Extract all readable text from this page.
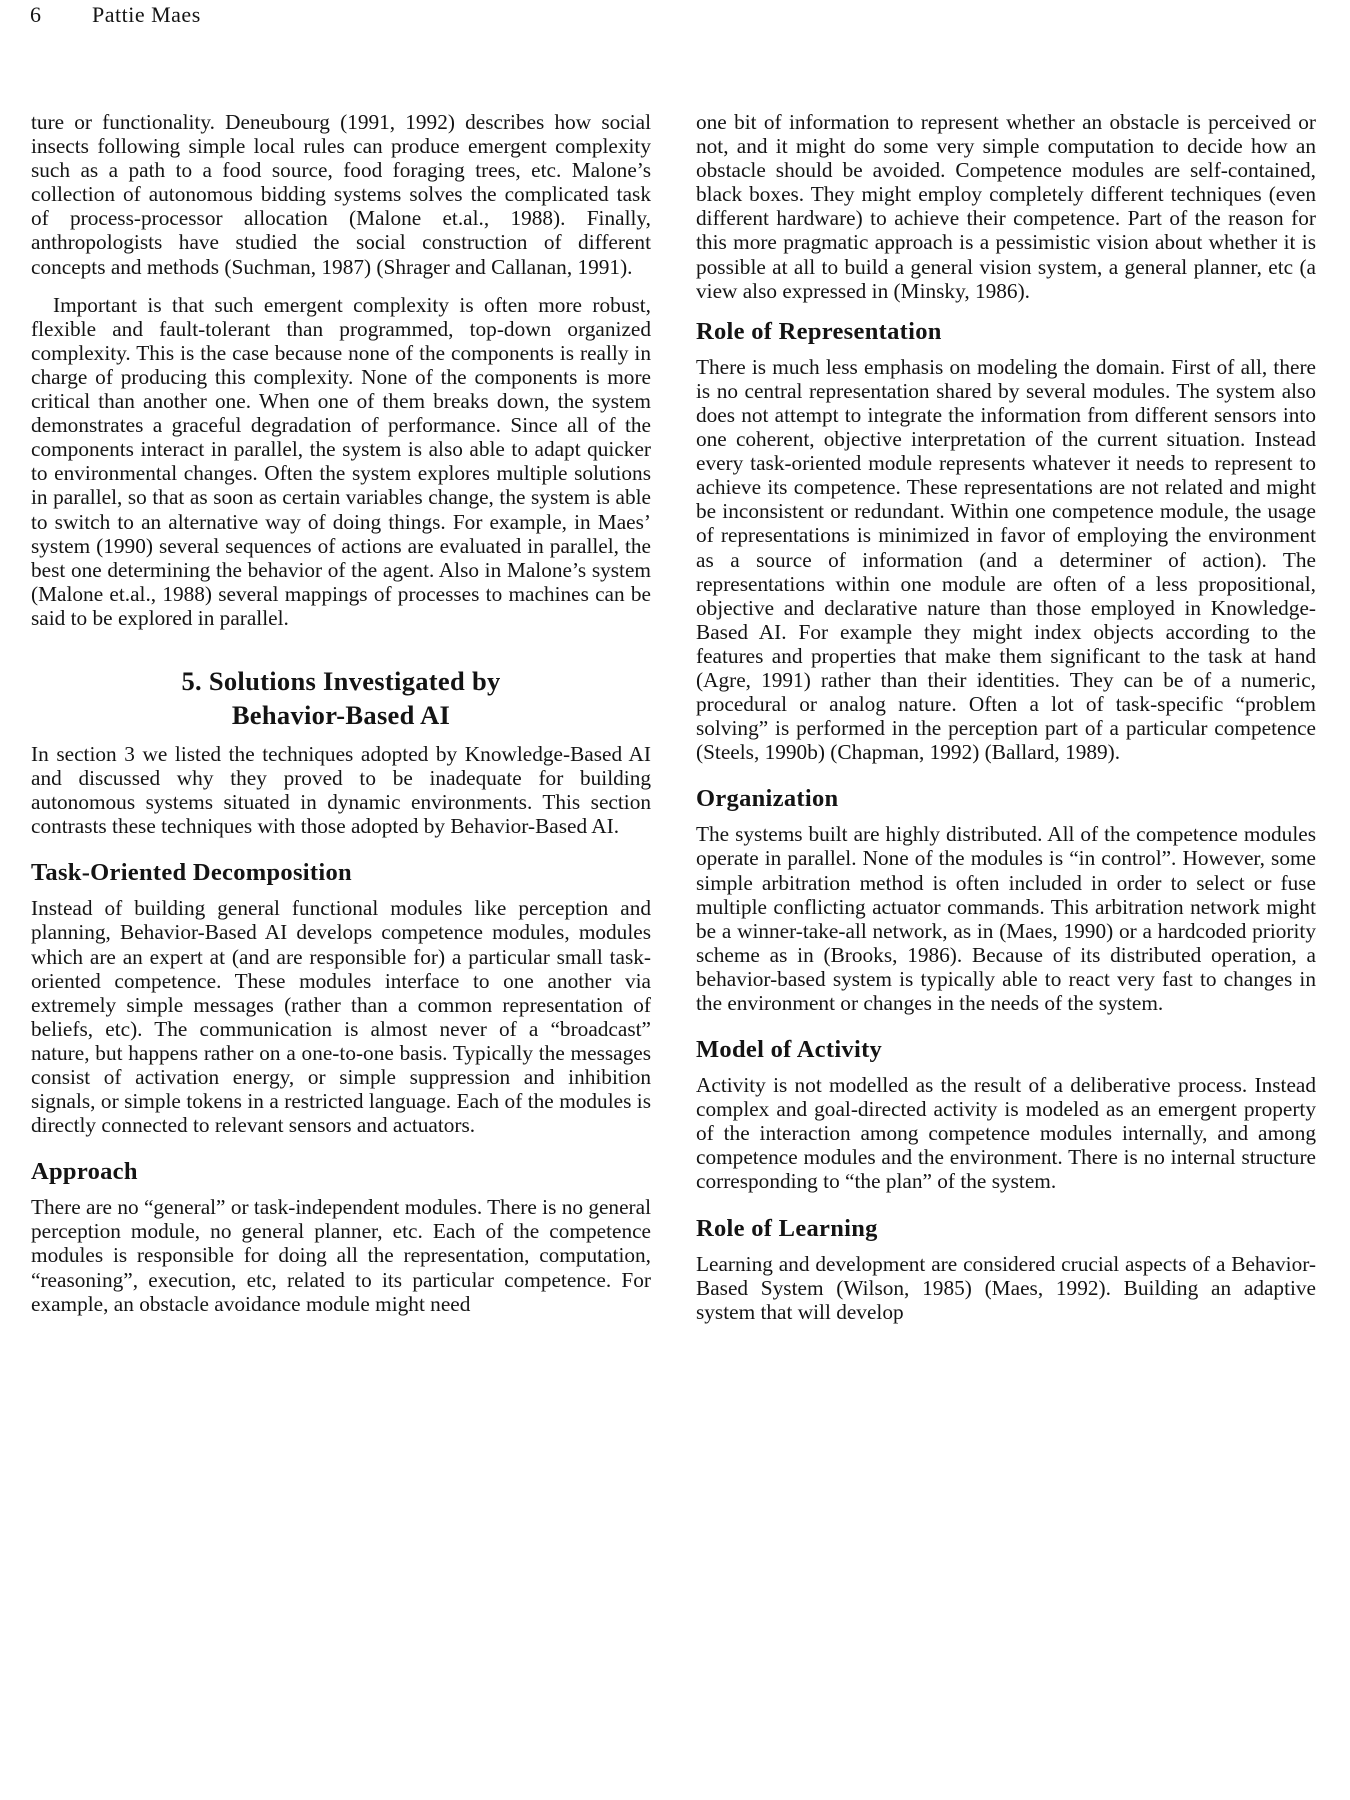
6	Pattie Maes

ture or functionality. Deneubourg (1991, 1992) describes how social insects following simple local rules can produce emergent complexity such as a path to a food source, food foraging trees, etc. Malone’s collection of autonomous bidding systems solves the complicated task of process-processor allocation (Malone et.al., 1988). Finally, anthropologists have studied the social construction of different concepts and methods (Suchman, 1987) (Shrager and Callanan, 1991).

Important is that such emergent complexity is often more robust, flexible and fault-tolerant than programmed, top-down organized complexity. This is the case because none of the components is really in charge of producing this complexity. None of the components is more critical than another one. When one of them breaks down, the system demonstrates a graceful degradation of performance. Since all of the components interact in parallel, the system is also able to adapt quicker to environmental changes. Often the system explores multiple solutions in parallel, so that as soon as certain variables change, the system is able to switch to an alternative way of doing things. For example, in Maes’ system (1990) several sequences of actions are evaluated in parallel, the best one determining the behavior of the agent. Also in Malone’s system (Malone et.al., 1988) several mappings of processes to machines can be said to be explored in parallel.

5. Solutions Investigated by
Behavior-Based AI

In section 3 we listed the techniques adopted by Knowledge-Based AI and discussed why they proved to be inadequate for building autonomous systems situated in dynamic environments. This section contrasts these techniques with those adopted by Behavior-Based AI.

Task-Oriented Decomposition

Instead of building general functional modules like perception and planning, Behavior-Based AI develops competence modules, modules which are an expert at (and are responsible for) a particular small task-oriented competence. These modules interface to one another via extremely simple messages (rather than a common representation of beliefs, etc). The communication is almost never of a “broadcast” nature, but happens rather on a one-to-one basis. Typically the messages consist of activation energy, or simple suppression and inhibition signals, or simple tokens in a restricted language. Each of the modules is directly connected to relevant sensors and actuators.

Approach

There are no “general” or task-independent modules. There is no general perception module, no general planner, etc. Each of the competence modules is responsible for doing all the representation, computation, “reasoning”, execution, etc, related to its particular competence. For example, an obstacle avoidance module might need

one bit of information to represent whether an obstacle is perceived or not, and it might do some very simple computation to decide how an obstacle should be avoided. Competence modules are self-contained, black boxes. They might employ completely different techniques (even different hardware) to achieve their competence. Part of the reason for this more pragmatic approach is a pessimistic vision about whether it is possible at all to build a general vision system, a general planner, etc (a view also expressed in (Minsky, 1986).

Role of Representation

There is much less emphasis on modeling the domain. First of all, there is no central representation shared by several modules. The system also does not attempt to integrate the information from different sensors into one coherent, objective interpretation of the current situation. Instead every task-oriented module represents whatever it needs to represent to achieve its competence. These representations are not related and might be inconsistent or redundant. Within one competence module, the usage of representations is minimized in favor of employing the environment as a source of information (and a determiner of action). The representations within one module are often of a less propositional, objective and declarative nature than those employed in Knowledge-Based AI. For example they might index objects according to the features and properties that make them significant to the task at hand (Agre, 1991) rather than their identities. They can be of a numeric, procedural or analog nature. Often a lot of task-specific “problem solving” is performed in the perception part of a particular competence (Steels, 1990b) (Chapman, 1992) (Ballard, 1989).

Organization

The systems built are highly distributed. All of the competence modules operate in parallel. None of the modules is “in control”. However, some simple arbitration method is often included in order to select or fuse multiple conflicting actuator commands. This arbitration network might be a winner-take-all network, as in (Maes, 1990) or a hardcoded priority scheme as in (Brooks, 1986). Because of its distributed operation, a behavior-based system is typically able to react very fast to changes in the environment or changes in the needs of the system.

Model of Activity

Activity is not modelled as the result of a deliberative process. Instead complex and goal-directed activity is modeled as an emergent property of the interaction among competence modules internally, and among competence modules and the environment. There is no internal structure corresponding to “the plan” of the system.

Role of Learning

Learning and development are considered crucial aspects of a Behavior-Based System (Wilson, 1985) (Maes, 1992). Building an adaptive system that will develop
